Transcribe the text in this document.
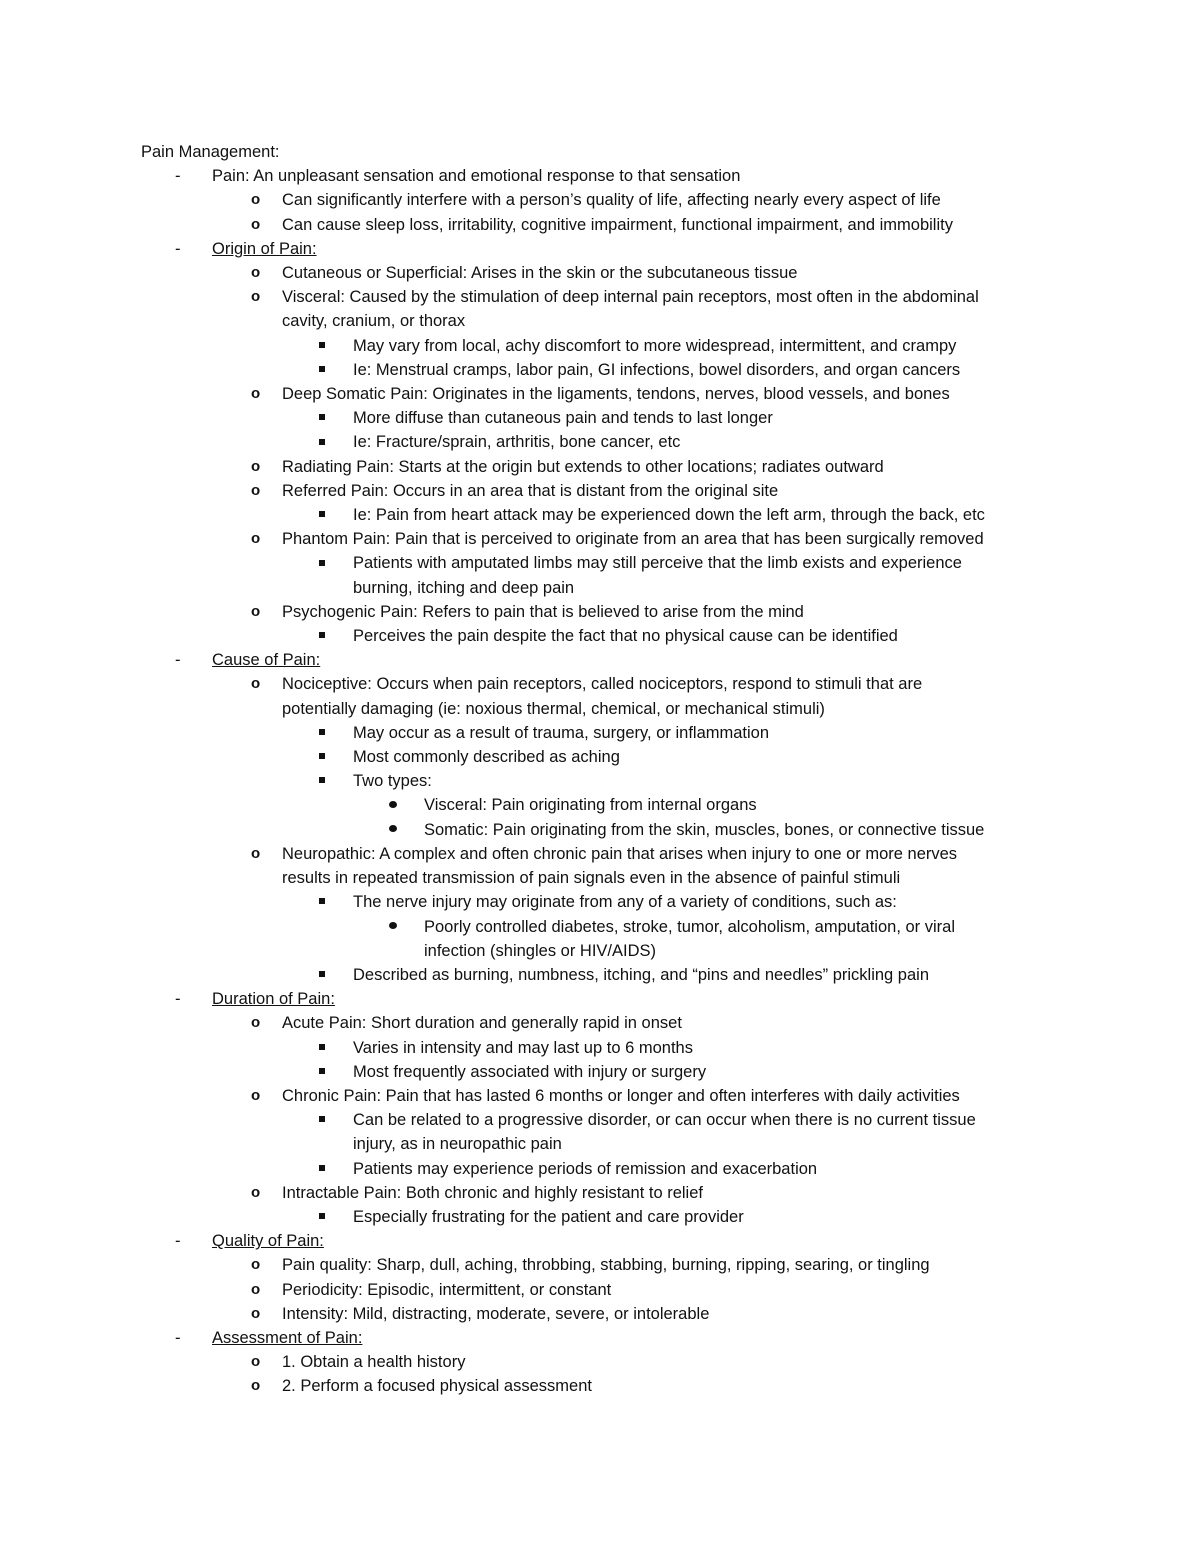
Pain Management:
- Pain: An unpleasant sensation and emotional response to that sensation
o Can significantly interfere with a person’s quality of life, affecting nearly every aspect of life
o Can cause sleep loss, irritability, cognitive impairment, functional impairment, and immobility
- Origin of Pain:
o Cutaneous or Superficial: Arises in the skin or the subcutaneous tissue
o Visceral: Caused by the stimulation of deep internal pain receptors, most often in the abdominal
cavity, cranium, or thorax
May vary from local, achy discomfort to more widespread, intermittent, and crampy
Ie: Menstrual cramps, labor pain, GI infections, bowel disorders, and organ cancers
o Deep Somatic Pain: Originates in the ligaments, tendons, nerves, blood vessels, and bones
More diffuse than cutaneous pain and tends to last longer
Ie: Fracture/sprain, arthritis, bone cancer, etc
o Radiating Pain: Starts at the origin but extends to other locations; radiates outward
o Referred Pain: Occurs in an area that is distant from the original site
Ie: Pain from heart attack may be experienced down the left arm, through the back, etc
o Phantom Pain: Pain that is perceived to originate from an area that has been surgically removed
Patients with amputated limbs may still perceive that the limb exists and experience
burning, itching and deep pain
o Psychogenic Pain: Refers to pain that is believed to arise from the mind
Perceives the pain despite the fact that no physical cause can be identified
- Cause of Pain:
o Nociceptive: Occurs when pain receptors, called nociceptors, respond to stimuli that are
potentially damaging (ie: noxious thermal, chemical, or mechanical stimuli)
May occur as a result of trauma, surgery, or inflammation
Most commonly described as aching
Two types:
Visceral: Pain originating from internal organs
Somatic: Pain originating from the skin, muscles, bones, or connective tissue
o Neuropathic: A complex and often chronic pain that arises when injury to one or more nerves
results in repeated transmission of pain signals even in the absence of painful stimuli
The nerve injury may originate from any of a variety of conditions, such as:
Poorly controlled diabetes, stroke, tumor, alcoholism, amputation, or viral
infection (shingles or HIV/AIDS)
Described as burning, numbness, itching, and “pins and needles” prickling pain
- Duration of Pain:
o Acute Pain: Short duration and generally rapid in onset
Varies in intensity and may last up to 6 months
Most frequently associated with injury or surgery
o Chronic Pain: Pain that has lasted 6 months or longer and often interferes with daily activities
Can be related to a progressive disorder, or can occur when there is no current tissue
injury, as in neuropathic pain
Patients may experience periods of remission and exacerbation
o Intractable Pain: Both chronic and highly resistant to relief
Especially frustrating for the patient and care provider
- Quality of Pain:
o Pain quality: Sharp, dull, aching, throbbing, stabbing, burning, ripping, searing, or tingling
o Periodicity: Episodic, intermittent, or constant
o Intensity: Mild, distracting, moderate, severe, or intolerable
- Assessment of Pain:
o 1. Obtain a health history
o 2. Perform a focused physical assessment
